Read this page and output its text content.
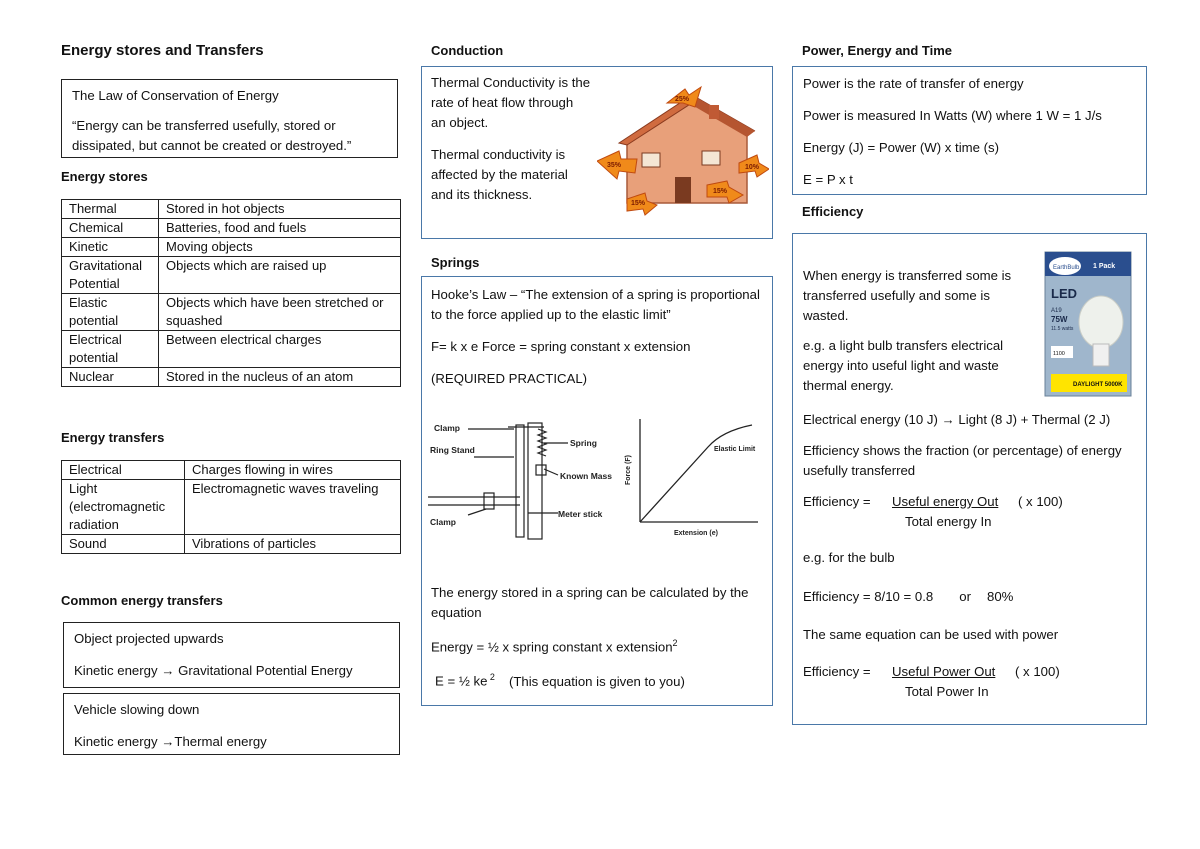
Energy stores and Transfers

The Law of Conservation of Energy

“Energy can be transferred usefully, stored or dissipated, but cannot be created or destroyed.”

Energy stores
Thermal	Stored in hot objects
Chemical	Batteries, food and fuels
Kinetic	Moving objects
Gravitational Potential	Objects which are raised up
Elastic potential	Objects which have been stretched or squashed
Electrical potential	Between electrical charges
Nuclear	Stored in the nucleus of an atom
Energy transfers
Electrical	Charges flowing in wires
Light (electromagnetic radiation	Electromagnetic waves traveling
Sound	Vibrations of particles
Common energy transfers

Object projected upwards

Kinetic energy → Gravitational Potential Energy

Vehicle slowing down

Kinetic energy →Thermal energy

Conduction

Thermal Conductivity is the rate of heat flow through an object.

Thermal conductivity is affected by the material and its thickness.

25%
35%	10%
15%
15%
Springs

Hooke’s Law – “The extension of a spring is proportional to the force applied up to the elastic limit”

F= k x e Force = spring constant x extension

(REQUIRED PRACTICAL)

Clamp
Ring Stand
Spring
Known Mass
Clamp
Meter stick
Force (F)
Extension (e)
Elastic Limit

The energy stored in a spring can be calculated by the equation

Energy = ½ x spring constant x extension$^2$

E = ½ ke $^2$ (This equation is given to you)

Power, Energy and Time

Power is the rate of transfer of energy

Power is measured In Watts (W) where 1 W = 1 J/s

Energy (J) = Power (W) x time (s)

E = P x t

Efficiency

When energy is transferred some is transferred usefully and some is wasted.

e.g. a light bulb transfers electrical energy into useful light and waste thermal energy.

EarthBulb 1 Pack
LED
A19
75W
11.5 watts
1100
DAYLIGHT 5000K

Electrical energy (10 J) → Light (8 J) + Thermal (2 J)

Efficiency shows the fraction (or percentage) of energy usefully transferred

Efficiency = Useful energy Out ( x 100)
Total energy In

e.g. for the bulb

Efficiency = 8/10 = 0.8 or 80%

The same equation can be used with power

Efficiency = Useful Power Out ( x 100)
Total Power In
